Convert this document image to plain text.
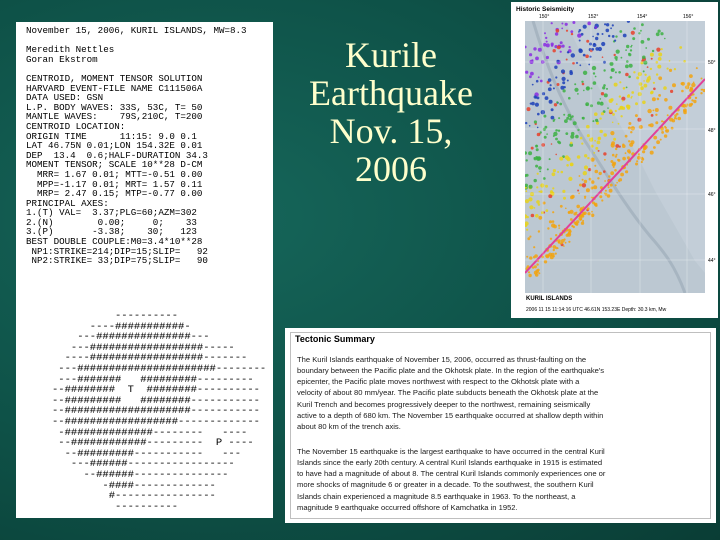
November 15, 2006, KURIL ISLANDS, MW=8.3

Meredith Nettles
Goran Ekstrom

CENTROID, MOMENT TENSOR SOLUTION
HARVARD EVENT-FILE NAME C111506A
DATA USED: GSN
L.P. BODY WAVES: 33S, 53C, T= 50
MANTLE WAVES:    79S,210C, T=200
CENTROID LOCATION:
ORIGIN TIME      11:15: 9.0 0.1
LAT 46.75N 0.01;LON 154.32E 0.01
DEP  13.4  0.6;HALF-DURATION 34.3
MOMENT TENSOR; SCALE 10**28 D-CM
MRR= 1.67 0.01; MTT=-0.51 0.00
MPP=-1.17 0.01; MRT= 1.57 0.11
MRP= 2.47 0.15; MTP=-0.77 0.00
PRINCIPAL AXES:
1.(T) VAL=  3.37;PLG=60;AZM=302
2.(N)        0.00;     0;    33
3.(P)       -3.38;    30;   123
BEST DOUBLE COUPLE:M0=3.4*10**28
NP1:STRIKE=214;DIP=15;SLIP=   92
NP2:STRIKE= 33;DIP=75;SLIP=   90
----------
----###########-
---###############---
---##################-----
----##################-------
---######################--------
---#######   #########---------
--########  T  ########----------
--#########   ########-----------
--####################-----------
--##################-------------
-##############--------   ----
--############---------  P ----
--#########-----------   ---
---######-----------------
--######---------------
-####-------------
#----------------
----------
Kurile
Earthquake
Nov. 15,
2006
Historic Seismicity
150°	152°	154°	156°
50°
48°
46°
44°
KURIL ISLANDS
2006 11 15 11:14:16 UTC 46.61N 153.23E Depth: 30.3 km, Mw
Tectonic Summary
The Kuril Islands earthquake of November 15, 2006, occurred as thrust-faulting on the
boundary between the Pacific plate and the Okhotsk plate. In the region of the earthquake's
epicenter, the Pacific plate moves northwest with respect to the Okhotsk plate with a
velocity of about 80 mm/year. The Pacific plate subducts beneath the Okhotsk plate at the
Kuril Trench and becomes progressively deeper to the northwest, remaining seismically
active to a depth of 680 km. The November 15 earthquake occurred at shallow depth within
about 80 km of the trench axis.
The November 15 earthquake is the largest earthquake to have occurred in the central Kuril
Islands since the early 20th century. A central Kuril Islands earthquake in 1915 is estimated
to have had a magnitude of about 8. The central Kuril Islands commonly experiences one or
more shocks of magnitude 6 or greater in a decade. To the southwest, the southern Kuril
Islands chain experienced a magnitude 8.5 earthquake in 1963. To the northeast, a
magnitude 9 earthquake occurred offshore of Kamchatka in 1952.
